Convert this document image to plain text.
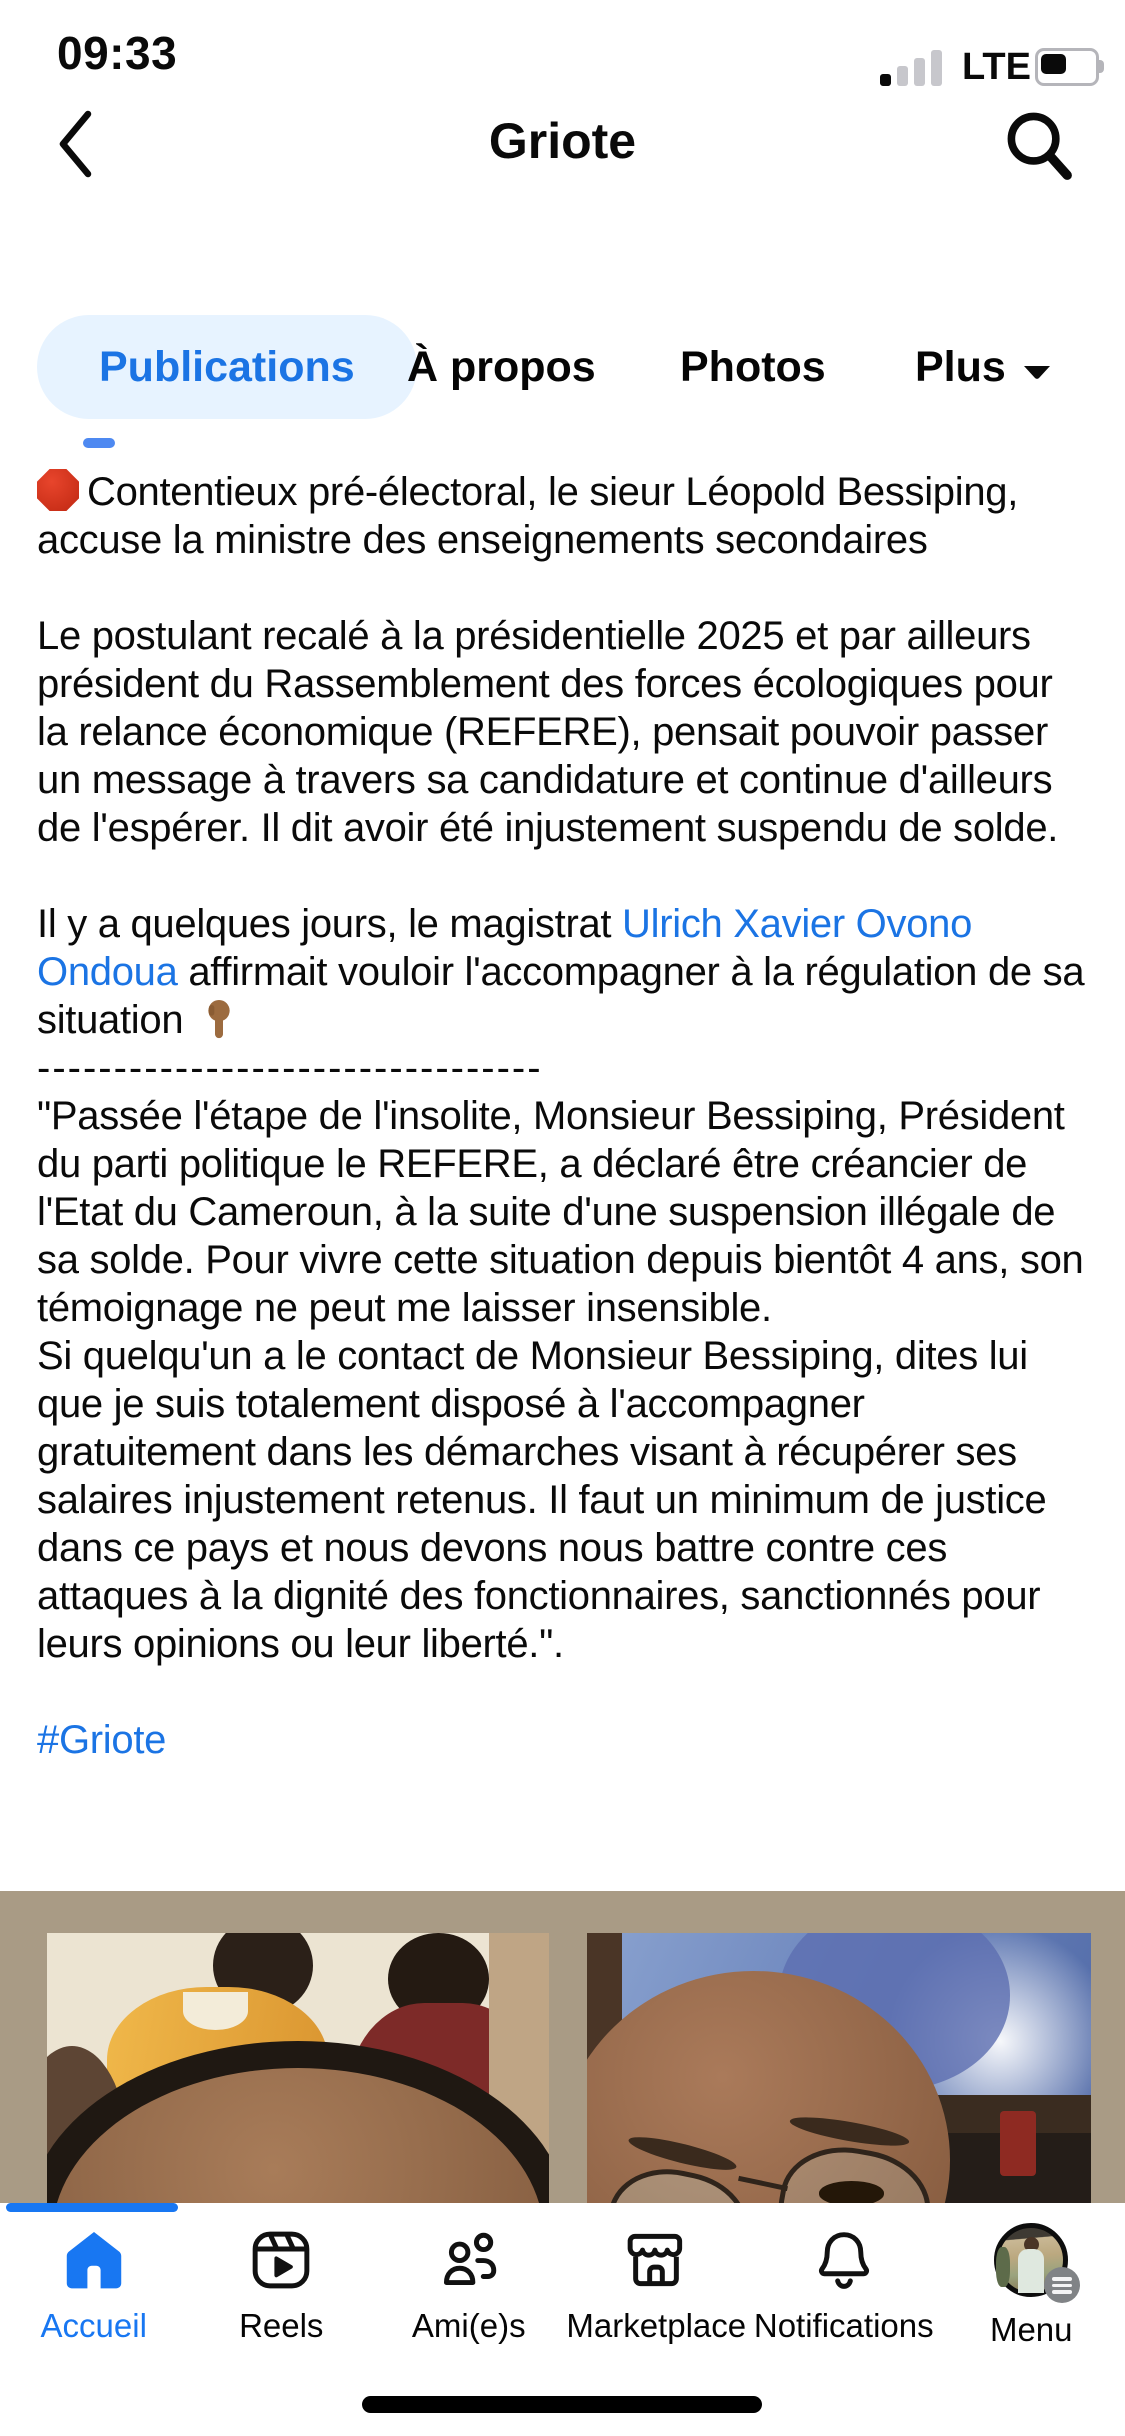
09:33	LTE
Griote
Publications À propos Photos Plus
Contentieux pré-électoral, le sieur Léopold Bessiping, accuse la ministre des enseignements secondaires
Le postulant recalé à la présidentielle 2025 et par ailleurs président du Rassemblement des forces écologiques pour la relance économique (REFERE), pensait pouvoir passer un message à travers sa candidature et continue d'ailleurs de l'espérer. Il dit avoir été injustement suspendu de solde.
Il y a quelques jours, le magistrat Ulrich Xavier Ovono Ondoua affirmait vouloir l'accompagner à la régulation de sa situation
---------------------------------
"Passée l'étape de l'insolite, Monsieur Bessiping, Président du parti politique le REFERE, a déclaré être créancier de l'Etat du Cameroun, à la suite d'une suspension illégale de sa solde. Pour vivre cette situation depuis bientôt 4 ans, son témoignage ne peut me laisser insensible.
Si quelqu'un a le contact de Monsieur Bessiping, dites lui que je suis totalement disposé à l'accompagner gratuitement dans les démarches visant à récupérer ses salaires injustement retenus. Il faut un minimum de justice dans ce pays et nous devons nous battre contre ces attaques à la dignité des fonctionnaires, sanctionnés pour leurs opinions ou leur liberté.".
#Griote
Accueil	Reels	Ami(e)s Marketplace Notifications Menu
